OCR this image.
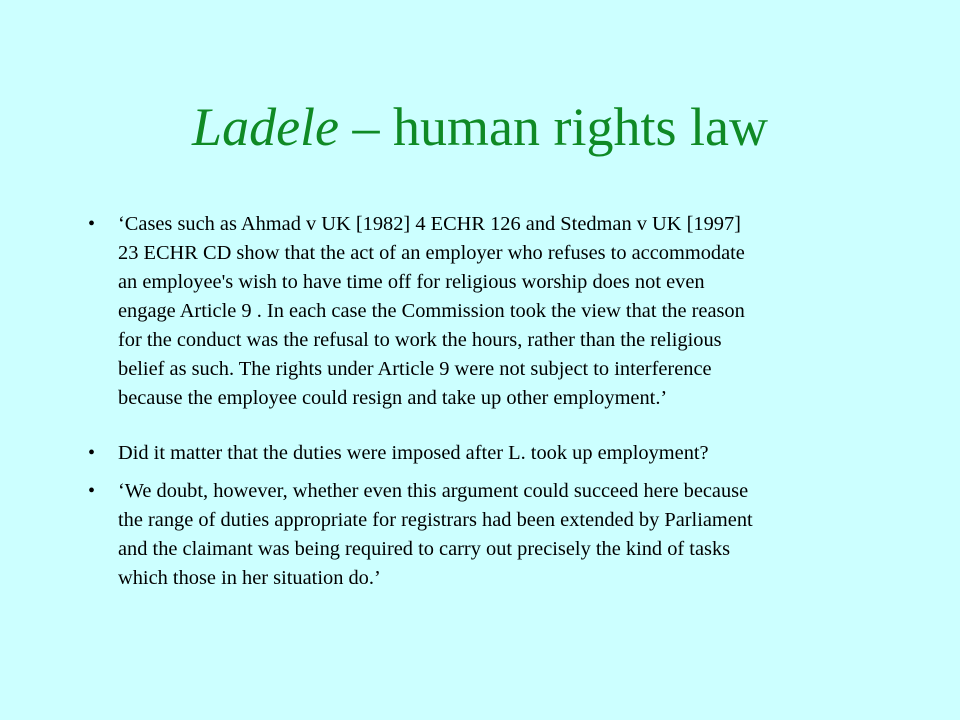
Ladele – human rights law
•	‘Cases such as Ahmad v UK [1982] 4 ECHR 126 and Stedman v UK [1997]
23 ECHR CD show that the act of an employer who refuses to accommodate
an employee's wish to have time off for religious worship does not even
engage Article 9 . In each case the Commission took the view that the reason
for the conduct was the refusal to work the hours, rather than the religious
belief as such. The rights under Article 9 were not subject to interference
because the employee could resign and take up other employment.’
•	Did it matter that the duties were imposed after L. took up employment?
•	‘We doubt, however, whether even this argument could succeed here because
the range of duties appropriate for registrars had been extended by Parliament
and the claimant was being required to carry out precisely the kind of tasks
which those in her situation do.’
